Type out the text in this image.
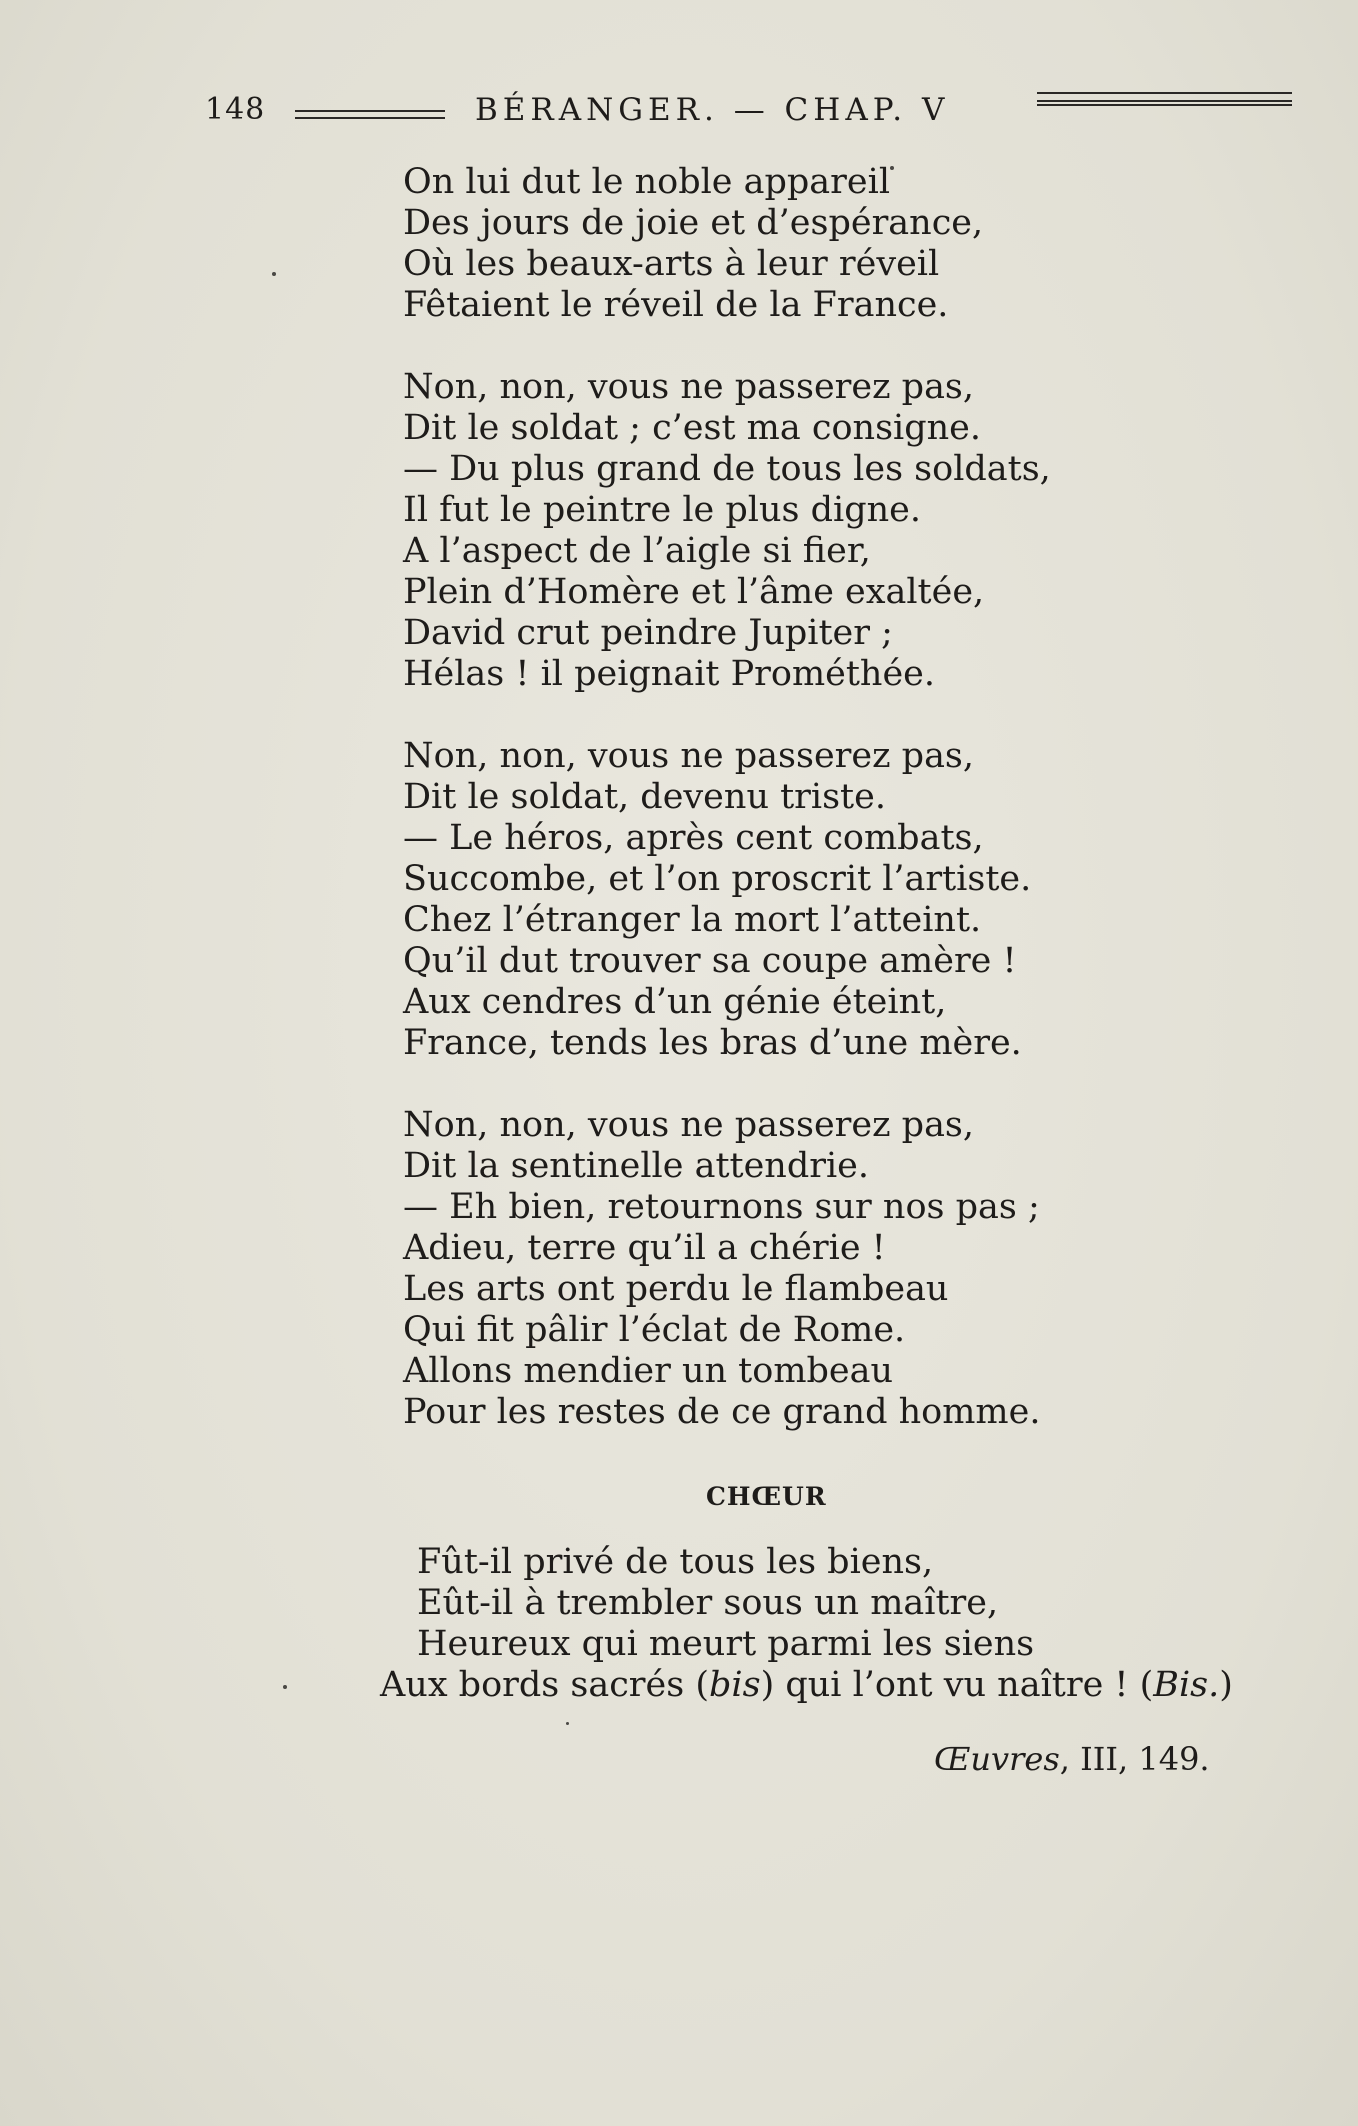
148	BÉRANGER. — CHAP. V
On lui dut le noble appareil
Des jours de joie et d’espérance,
Où les beaux-arts à leur réveil
Fêtaient le réveil de la France.
Non, non, vous ne passerez pas,
Dit le soldat ; c’est ma consigne.
— Du plus grand de tous les soldats,
Il fut le peintre le plus digne.
A l’aspect de l’aigle si fier,
Plein d’Homère et l’âme exaltée,
David crut peindre Jupiter ;
Hélas ! il peignait Prométhée.
Non, non, vous ne passerez pas,
Dit le soldat, devenu triste.
— Le héros, après cent combats,
Succombe, et l’on proscrit l’artiste.
Chez l’étranger la mort l’atteint.
Qu’il dut trouver sa coupe amère !
Aux cendres d’un génie éteint,
France, tends les bras d’une mère.
Non, non, vous ne passerez pas,
Dit la sentinelle attendrie.
— Eh bien, retournons sur nos pas ;
Adieu, terre qu’il a chérie !
Les arts ont perdu le flambeau
Qui fit pâlir l’éclat de Rome.
Allons mendier un tombeau
Pour les restes de ce grand homme.
CHŒUR
Fût-il privé de tous les biens,
Eût-il à trembler sous un maître,
Heureux qui meurt parmi les siens
Aux bords sacrés (bis) qui l’ont vu naître ! (Bis.)
Œuvres, III, 149.
